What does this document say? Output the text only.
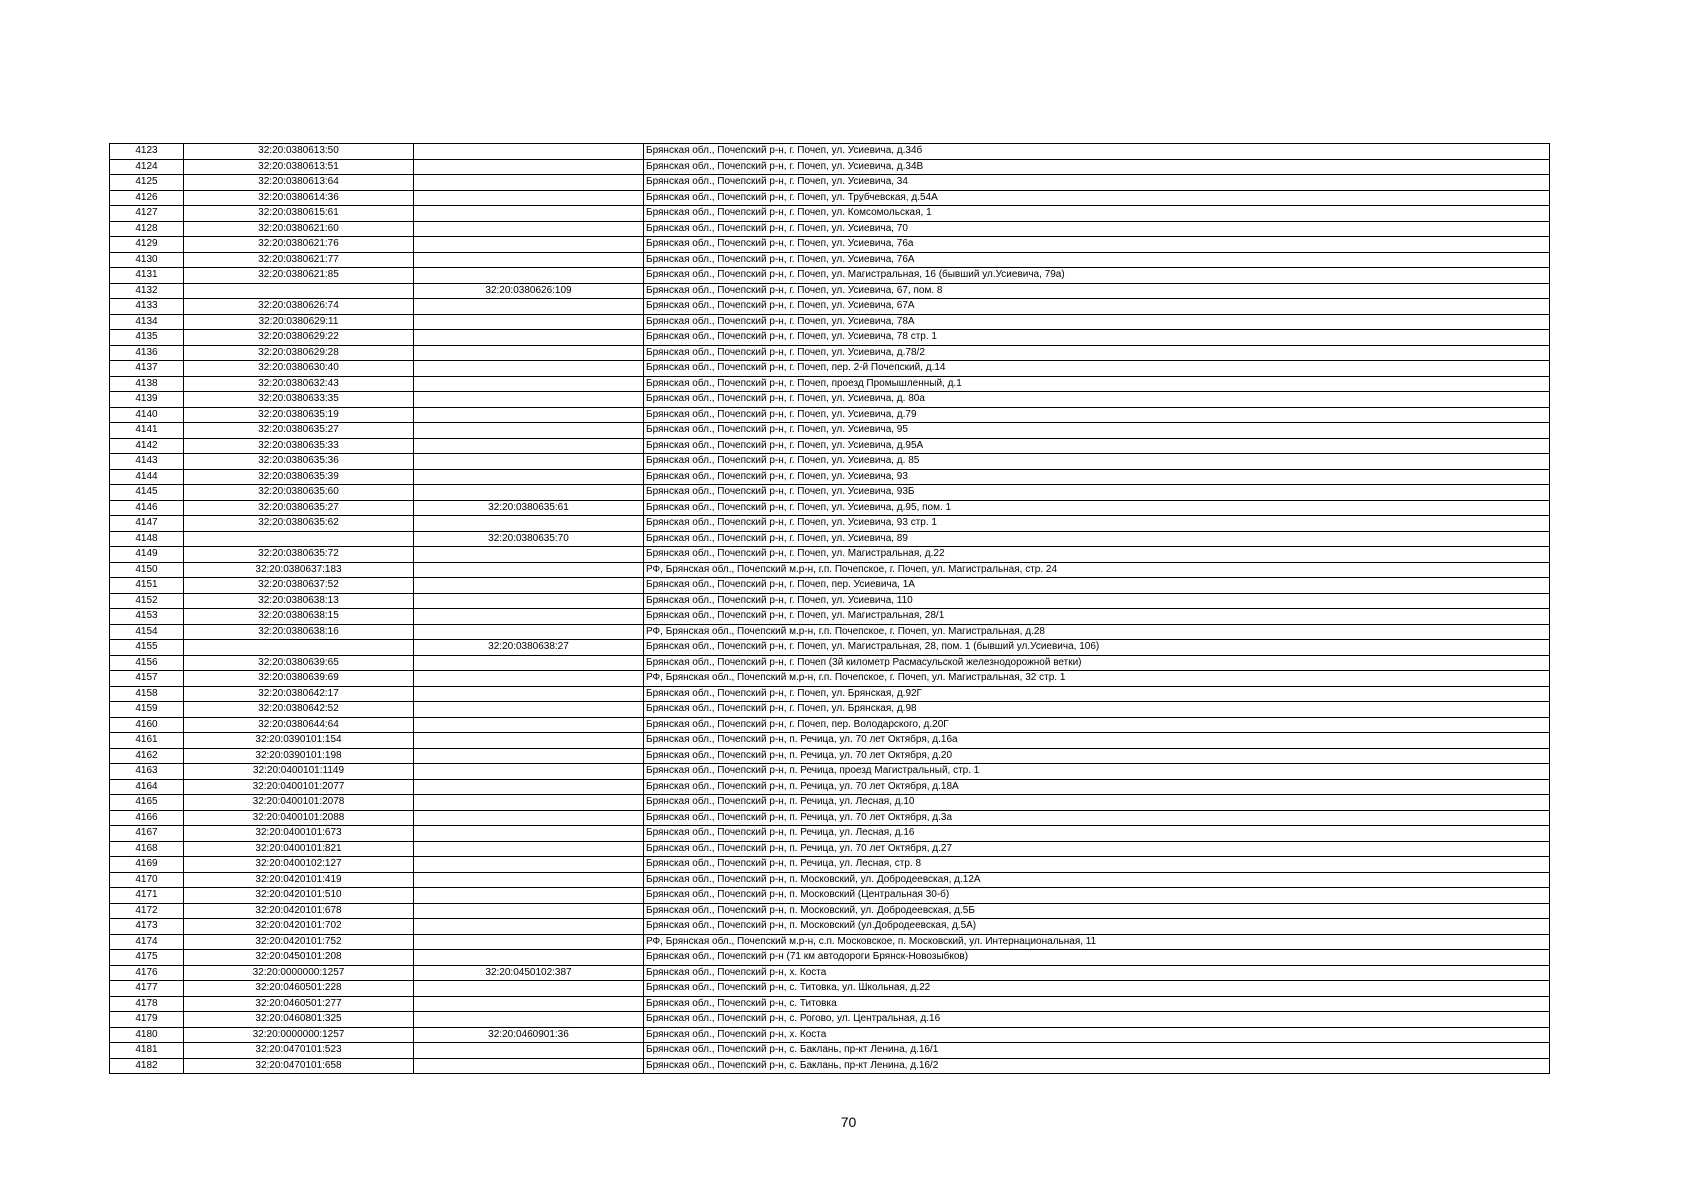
4123	32:20:0380613:50		Брянская обл., Почепский р-н, г. Почеп, ул. Усиевича, д.34б
4124	32:20:0380613:51		Брянская обл., Почепский р-н, г. Почеп, ул. Усиевича, д.34В
4125	32:20:0380613:64		Брянская обл., Почепский р-н, г. Почеп, ул. Усиевича, 34
4126	32:20:0380614:36		Брянская обл., Почепский р-н, г. Почеп, ул. Трубчевская, д.54А
4127	32:20:0380615:61		Брянская обл., Почепский р-н, г. Почеп, ул. Комсомольская, 1
4128	32:20:0380621:60		Брянская обл., Почепский р-н, г. Почеп, ул. Усиевича, 70
4129	32:20:0380621:76		Брянская обл., Почепский р-н, г. Почеп, ул. Усиевича, 76а
4130	32:20:0380621:77		Брянская обл., Почепский р-н, г. Почеп, ул. Усиевича, 76А
4131	32:20:0380621:85		Брянская обл., Почепский р-н, г. Почеп, ул. Магистральная, 16 (бывший ул.Усиевича, 79а)
4132		32:20:0380626:109	Брянская обл., Почепский р-н, г. Почеп, ул. Усиевича, 67, пом. 8
4133	32:20:0380626:74		Брянская обл., Почепский р-н, г. Почеп, ул. Усиевича, 67А
4134	32:20:0380629:11		Брянская обл., Почепский р-н, г. Почеп, ул. Усиевича, 78А
4135	32:20:0380629:22		Брянская обл., Почепский р-н, г. Почеп, ул. Усиевича, 78 стр. 1
4136	32:20:0380629:28		Брянская обл., Почепский р-н, г. Почеп, ул. Усиевича, д.78/2
4137	32:20:0380630:40		Брянская обл., Почепский р-н, г. Почеп, пер. 2-й Почепский, д.14
4138	32:20:0380632:43		Брянская обл., Почепский р-н, г. Почеп, проезд Промышленный, д.1
4139	32:20:0380633:35		Брянская обл., Почепский р-н, г. Почеп, ул. Усиевича, д. 80а
4140	32:20:0380635:19		Брянская обл., Почепский р-н, г. Почеп, ул. Усиевича, д.79
4141	32:20:0380635:27		Брянская обл., Почепский р-н, г. Почеп, ул. Усиевича, 95
4142	32:20:0380635:33		Брянская обл., Почепский р-н, г. Почеп, ул. Усиевича, д.95А
4143	32:20:0380635:36		Брянская обл., Почепский р-н, г. Почеп, ул. Усиевича, д. 85
4144	32:20:0380635:39		Брянская обл., Почепский р-н, г. Почеп, ул. Усиевича, 93
4145	32:20:0380635:60		Брянская обл., Почепский р-н, г. Почеп, ул. Усиевича, 93Б
4146	32:20:0380635:27	32:20:0380635:61	Брянская обл., Почепский р-н, г. Почеп, ул. Усиевича, д.95, пом. 1
4147	32:20:0380635:62		Брянская обл., Почепский р-н, г. Почеп, ул. Усиевича, 93 стр. 1
4148		32:20:0380635:70	Брянская обл., Почепский р-н, г. Почеп, ул. Усиевича, 89
4149	32:20:0380635:72		Брянская обл., Почепский р-н, г. Почеп, ул. Магистральная, д.22
4150	32:20:0380637:183		РФ, Брянская обл., Почепский м.р-н, г.п. Почепское, г. Почеп, ул. Магистральная, стр. 24
4151	32:20:0380637:52		Брянская обл., Почепский р-н, г. Почеп, пер. Усиевича, 1А
4152	32:20:0380638:13		Брянская обл., Почепский р-н, г. Почеп, ул. Усиевича, 110
4153	32:20:0380638:15		Брянская обл., Почепский р-н, г. Почеп, ул. Магистральная, 28/1
4154	32:20:0380638:16		РФ, Брянская обл., Почепский м.р-н, г.п. Почепское, г. Почеп, ул. Магистральная, д.28
4155		32:20:0380638:27	Брянская обл., Почепский р-н, г. Почеп, ул. Магистральная, 28, пом. 1 (бывший ул.Усиевича, 106)
4156	32:20:0380639:65		Брянская обл., Почепский р-н, г. Почеп (3й километр Расмасульской железнодорожной ветки)
4157	32:20:0380639:69		РФ, Брянская обл., Почепский м.р-н, г.п. Почепское, г. Почеп, ул. Магистральная, 32 стр. 1
4158	32:20:0380642:17		Брянская обл., Почепский р-н, г. Почеп, ул. Брянская, д.92Г
4159	32:20:0380642:52		Брянская обл., Почепский р-н, г. Почеп, ул. Брянская, д.98
4160	32:20:0380644:64		Брянская обл., Почепский р-н, г. Почеп, пер. Володарского, д.20Г
4161	32:20:0390101:154		Брянская обл., Почепский р-н, п. Речица, ул. 70 лет Октября, д.16а
4162	32:20:0390101:198		Брянская обл., Почепский р-н, п. Речица, ул. 70 лет Октября, д.20
4163	32:20:0400101:1149		Брянская обл., Почепский р-н, п. Речица, проезд Магистральный, стр. 1
4164	32:20:0400101:2077		Брянская обл., Почепский р-н, п. Речица, ул. 70 лет Октября, д.18А
4165	32:20:0400101:2078		Брянская обл., Почепский р-н, п. Речица, ул. Лесная, д.10
4166	32:20:0400101:2088		Брянская обл., Почепский р-н, п. Речица, ул. 70 лет Октября, д.3а
4167	32:20:0400101:673		Брянская обл., Почепский р-н, п. Речица, ул. Лесная, д.16
4168	32:20:0400101:821		Брянская обл., Почепский р-н, п. Речица, ул. 70 лет Октября, д.27
4169	32:20:0400102:127		Брянская обл., Почепский р-н, п. Речица, ул. Лесная, стр. 8
4170	32:20:0420101:419		Брянская обл., Почепский р-н, п. Московский, ул. Добродеевская, д.12А
4171	32:20:0420101:510		Брянская обл., Почепский р-н, п. Московский (Центральная 30-б)
4172	32:20:0420101:678		Брянская обл., Почепский р-н, п. Московский, ул. Добродеевская, д.5Б
4173	32:20:0420101:702		Брянская обл., Почепский р-н, п. Московский (ул.Добродеевская, д.5А)
4174	32:20:0420101:752		РФ, Брянская обл., Почепский м.р-н, с.п. Московское, п. Московский, ул. Интернациональная, 11
4175	32:20:0450101:208		Брянская обл., Почепский р-н (71 км автодороги Брянск-Новозыбков)
4176	32:20:0000000:1257	32:20:0450102:387	Брянская обл., Почепский р-н, х. Коста
4177	32:20:0460501:228		Брянская обл., Почепский р-н, с. Титовка, ул. Школьная, д.22
4178	32:20:0460501:277		Брянская обл., Почепский р-н, с. Титовка
4179	32:20:0460801:325		Брянская обл., Почепский р-н, с. Рогово, ул. Центральная, д.16
4180	32:20:0000000:1257	32:20:0460901:36	Брянская обл., Почепский р-н, х. Коста
4181	32:20:0470101:523		Брянская обл., Почепский р-н, с. Баклань, пр-кт Ленина, д.16/1
4182	32:20:0470101:658		Брянская обл., Почепский р-н, с. Баклань, пр-кт Ленина, д.16/2
70
